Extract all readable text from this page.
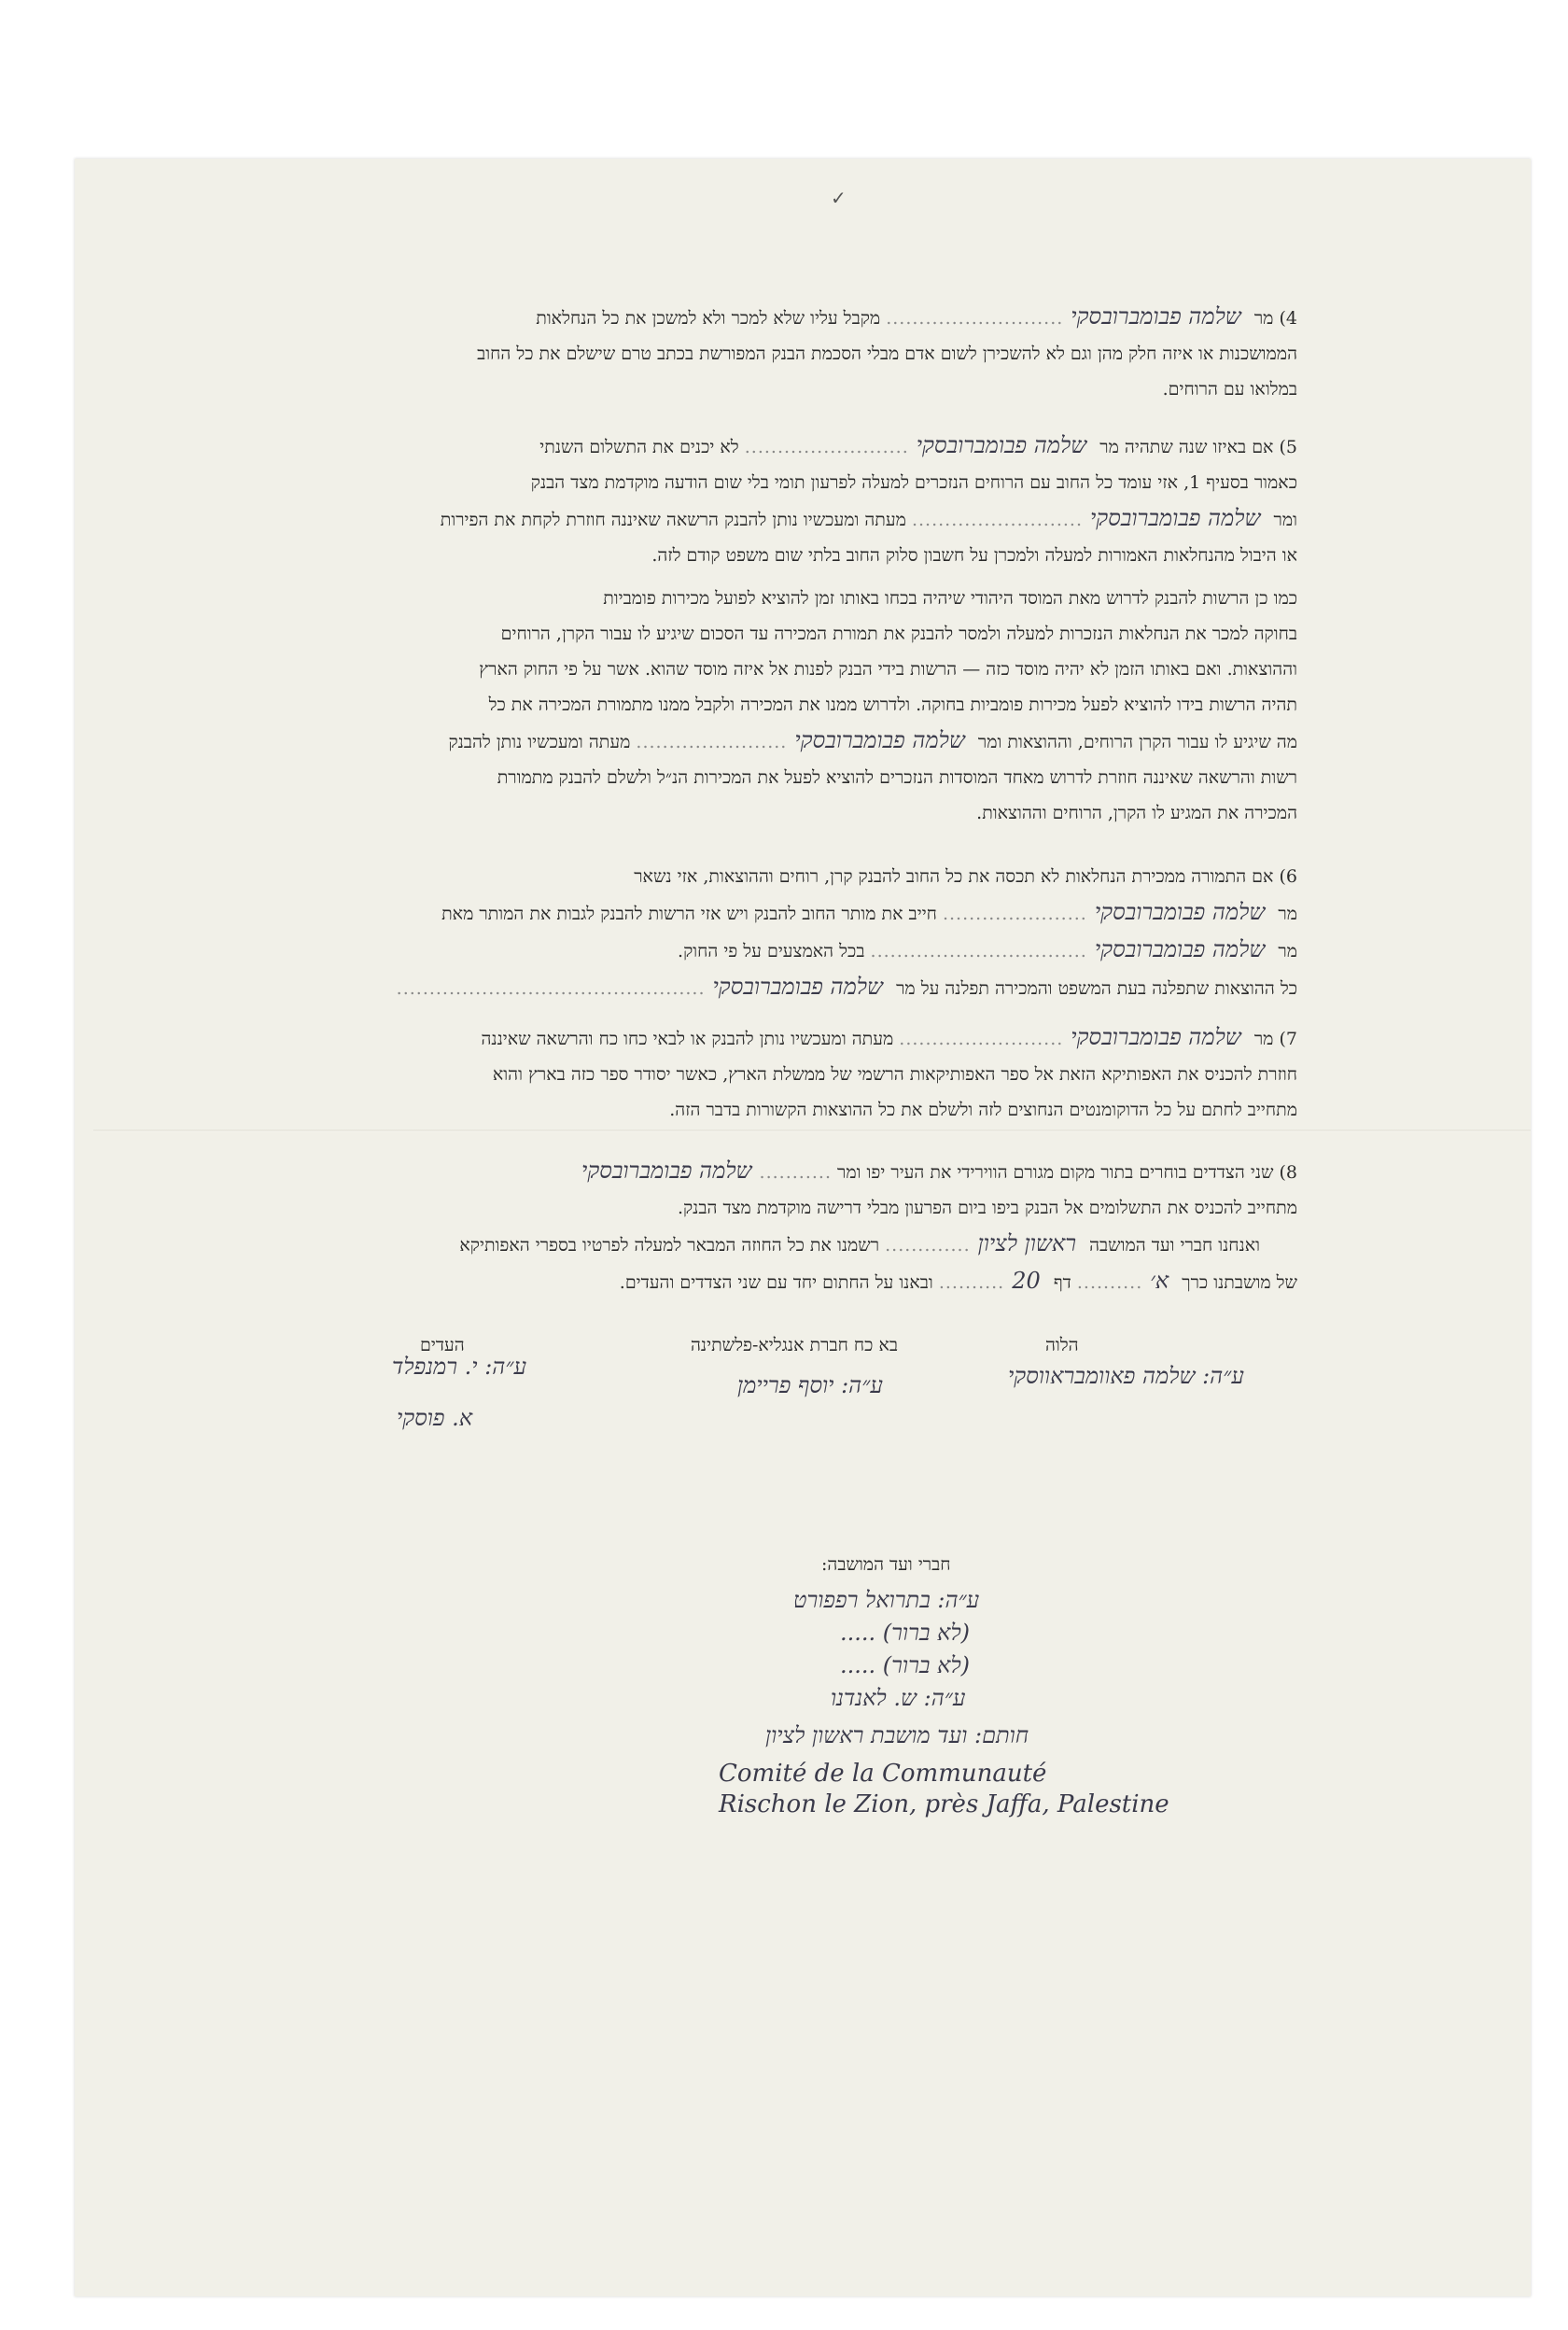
✓
4) מר שלמה פבומברובסקי........................... מקבל עליו שלא למכר ולא למשכן את כל הנחלאות
הממושכנות או איזה חלק מהן וגם לא להשכירן לשום אדם מבלי הסכמת הבנק המפורשת בכתב טרם שישלם את כל החוב
במלואו עם הרוחים.
5) אם באיזו שנה שתהיה מר שלמה פבומברובסקי......................... לא יכנים את התשלום השנתי
כאמור בסעיף 1, אזי עומד כל החוב עם הרוחים הנזכרים למעלה לפרעון תומי בלי שום הודעה מוקדמת מצד הבנק
ומר שלמה פבומברובסקי.......................... מעתה ומעכשיו נותן להבנק הרשאה שאיננה חוזרת לקחת את הפירות
או היבול מהנחלאות האמורות למעלה ולמכרן על חשבון סלוק החוב בלתי שום משפט קודם לזה.
כמו כן הרשות להבנק לדרוש מאת המוסד היהודי שיהיה בכחו באותו זמן להוציא לפועל מכירות פומביות
בחוקה למכר את הנחלאות הנזכרות למעלה ולמסר להבנק את תמורת המכירה עד הסכום שיגיע לו עבור הקרן, הרוחים
וההוצאות. ואם באותו הזמן לא יהיה מוסד כזה — הרשות בידי הבנק לפנות אל איזה מוסד שהוא. אשר על פי החוק הארץ
תהיה הרשות בידו להוציא לפעל מכירות פומביות בחוקה. ולדרוש ממנו את המכירה ולקבל ממנו מתמורת המכירה את כל
מה שיגיע לו עבור הקרן הרוחים, וההוצאות ומר שלמה פבומברובסקי....................... מעתה ומעכשיו נותן להבנק
רשות והרשאה שאיננה חוזרת לדרוש מאחד המוסדות הנזכרים להוציא לפעל את המכירות הנ״ל ולשלם להבנק מתמורת
המכירה את המגיע לו הקרן, הרוחים וההוצאות.
6) אם התמורה ממכירת הנחלאות לא תכסה את כל החוב להבנק קרן, רוחים וההוצאות, אזי נשאר
מר שלמה פבומברובסקי...................... חייב את מותר החוב להבנק ויש אזי הרשות להבנק לגבות את המותר מאת
מר שלמה פבומברובסקי................................. בכל האמצעים על פי החוק.
כל ההוצאות שתפלנה בעת המשפט והמכירה תפלנה על מר שלמה פבומברובסקי...............................................
7) מר שלמה פבומברובסקי......................... מעתה ומעכשיו נותן להבנק או לבאי כחו כח והרשאה שאיננה
חוזרת להכניס את האפותיקא הזאת אל ספר האפותיקאות הרשמי של ממשלת הארץ, כאשר יסודר ספר כזה בארץ והוא
מתחייב לחתם על כל הדוקומנטים הנחוצים לזה ולשלם את כל ההוצאות הקשורות בדבר הזה.
8) שני הצדדים בוחרים בתור מקום מגורם הווירידי את העיר יפו ומר ...........שלמה פבומברובסקי
מתחייב להכניס את התשלומים אל הבנק ביפו ביום הפרעון מבלי דרישה מוקדמת מצד הבנק.
ואנחנו חברי ועד המושבה ראשון לציון............. רשמנו את כל החוזה המבאר למעלה לפרטיו בספרי האפותיקא
של מושבתנו כרך א׳.......... דף 20.......... ובאנו על החתום יחד עם שני הצדדים והעדים.
הלוה
בא כח חברת אנגליא-פלשתינה
העדים
ע״ה: שלמה פאוומבראווסקי
ע״ה: יוסף פריימן
ע״ה: י. רמנפלד
א. פוסקי
חברי ועד המושבה:
ע״ה: בתרואל רפפורט
(לא ברור) .....
(לא ברור) .....
ע״ה: ש. לאנדנו
חותם: ועד מושבת ראשון לציון
Comité de la Communauté
Rischon le Zion, près Jaffa, Palestine
